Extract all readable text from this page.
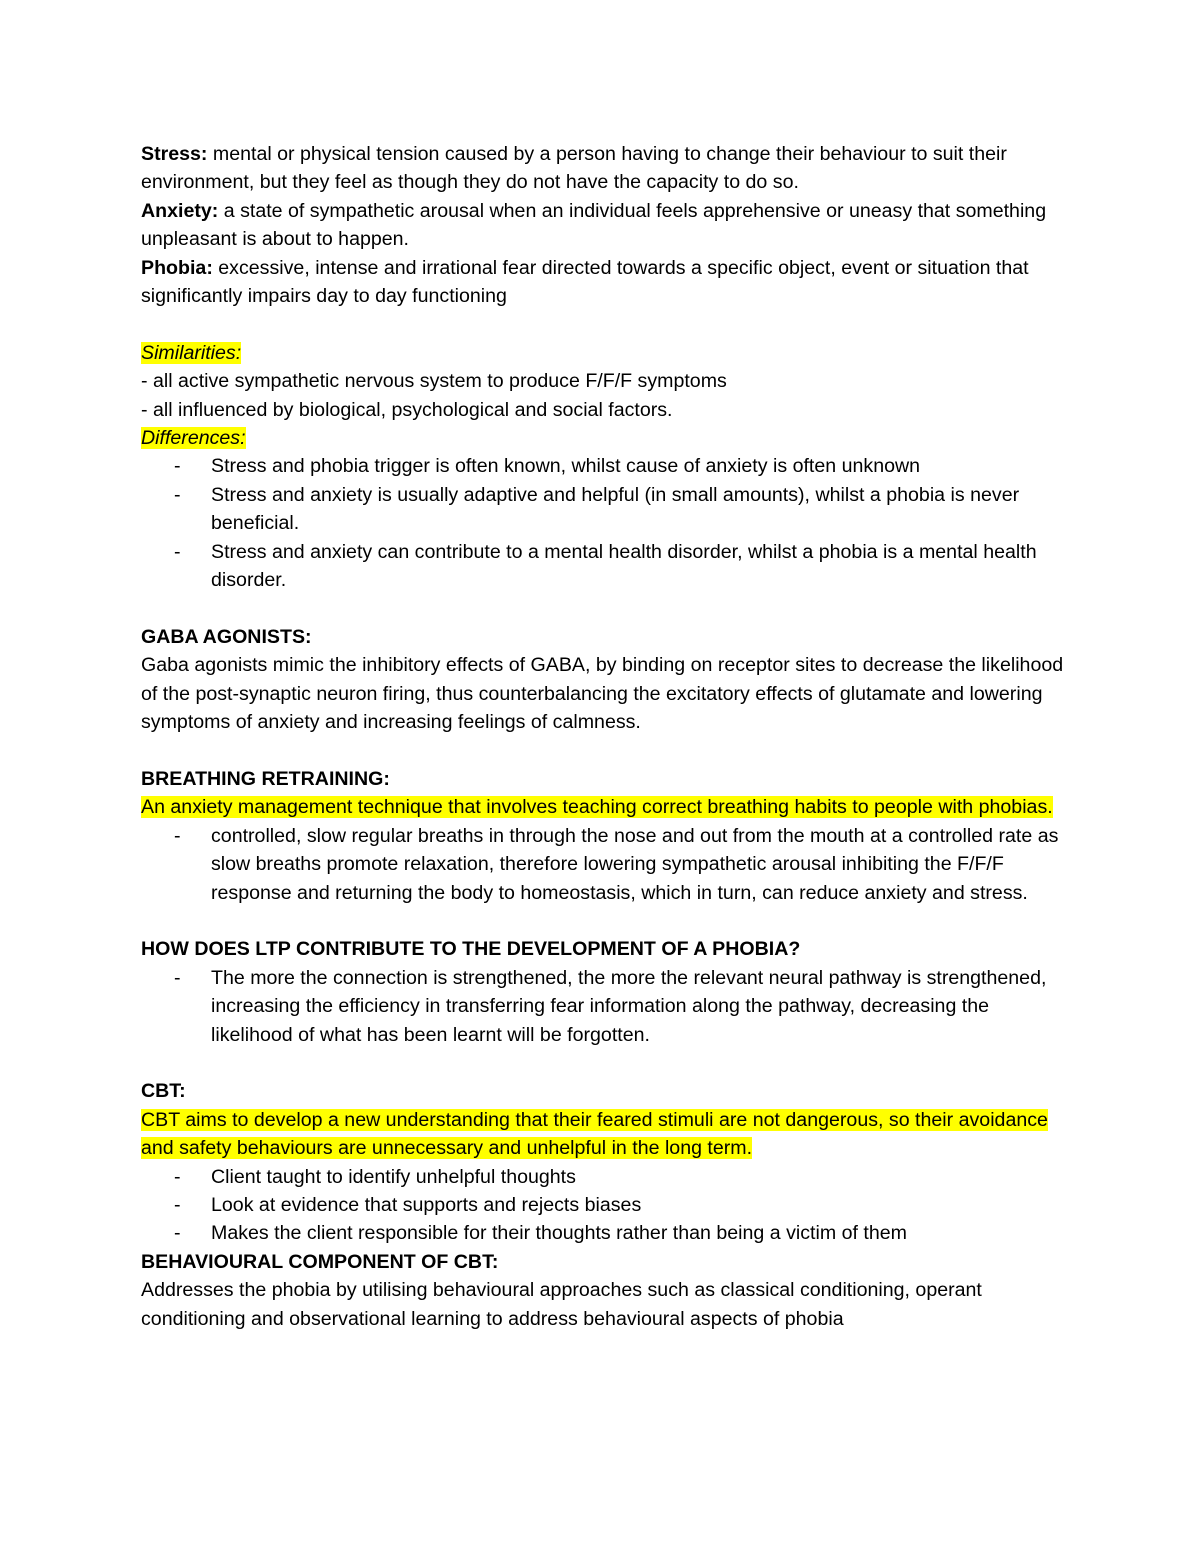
Stress: mental or physical tension caused by a person having to change their behaviour to suit their environment, but they feel as though they do not have the capacity to do so.

Anxiety: a state of sympathetic arousal when an individual feels apprehensive or uneasy that something unpleasant is about to happen.

Phobia: excessive, intense and irrational fear directed towards a specific object, event or situation that significantly impairs day to day functioning

Similarities:

- all active sympathetic nervous system to produce F/F/F symptoms

- all influenced by biological, psychological and social factors.

Differences:

- Stress and phobia trigger is often known, whilst cause of anxiety is often unknown
- Stress and anxiety is usually adaptive and helpful (in small amounts), whilst a phobia is never beneficial.
- Stress and anxiety can contribute to a mental health disorder, whilst a phobia is a mental health disorder.

GABA AGONISTS:

Gaba agonists mimic the inhibitory effects of GABA, by binding on receptor sites to decrease the likelihood of the post-synaptic neuron firing, thus counterbalancing the excitatory effects of glutamate and lowering symptoms of anxiety and increasing feelings of calmness.

BREATHING RETRAINING:

An anxiety management technique that involves teaching correct breathing habits to people with phobias.

- controlled, slow regular breaths in through the nose and out from the mouth at a controlled rate as slow breaths promote relaxation, therefore lowering sympathetic arousal inhibiting the F/F/F response and returning the body to homeostasis, which in turn, can reduce anxiety and stress.

HOW DOES LTP CONTRIBUTE TO THE DEVELOPMENT OF A PHOBIA?

- The more the connection is strengthened, the more the relevant neural pathway is strengthened, increasing the efficiency in transferring fear information along the pathway, decreasing the likelihood of what has been learnt will be forgotten.

CBT:

CBT aims to develop a new understanding that their feared stimuli are not dangerous, so their avoidance and safety behaviours are unnecessary and unhelpful in the long term.

- Client taught to identify unhelpful thoughts
- Look at evidence that supports and rejects biases
- Makes the client responsible for their thoughts rather than being a victim of them

BEHAVIOURAL COMPONENT OF CBT:

Addresses the phobia by utilising behavioural approaches such as classical conditioning, operant conditioning and observational learning to address behavioural aspects of phobia
